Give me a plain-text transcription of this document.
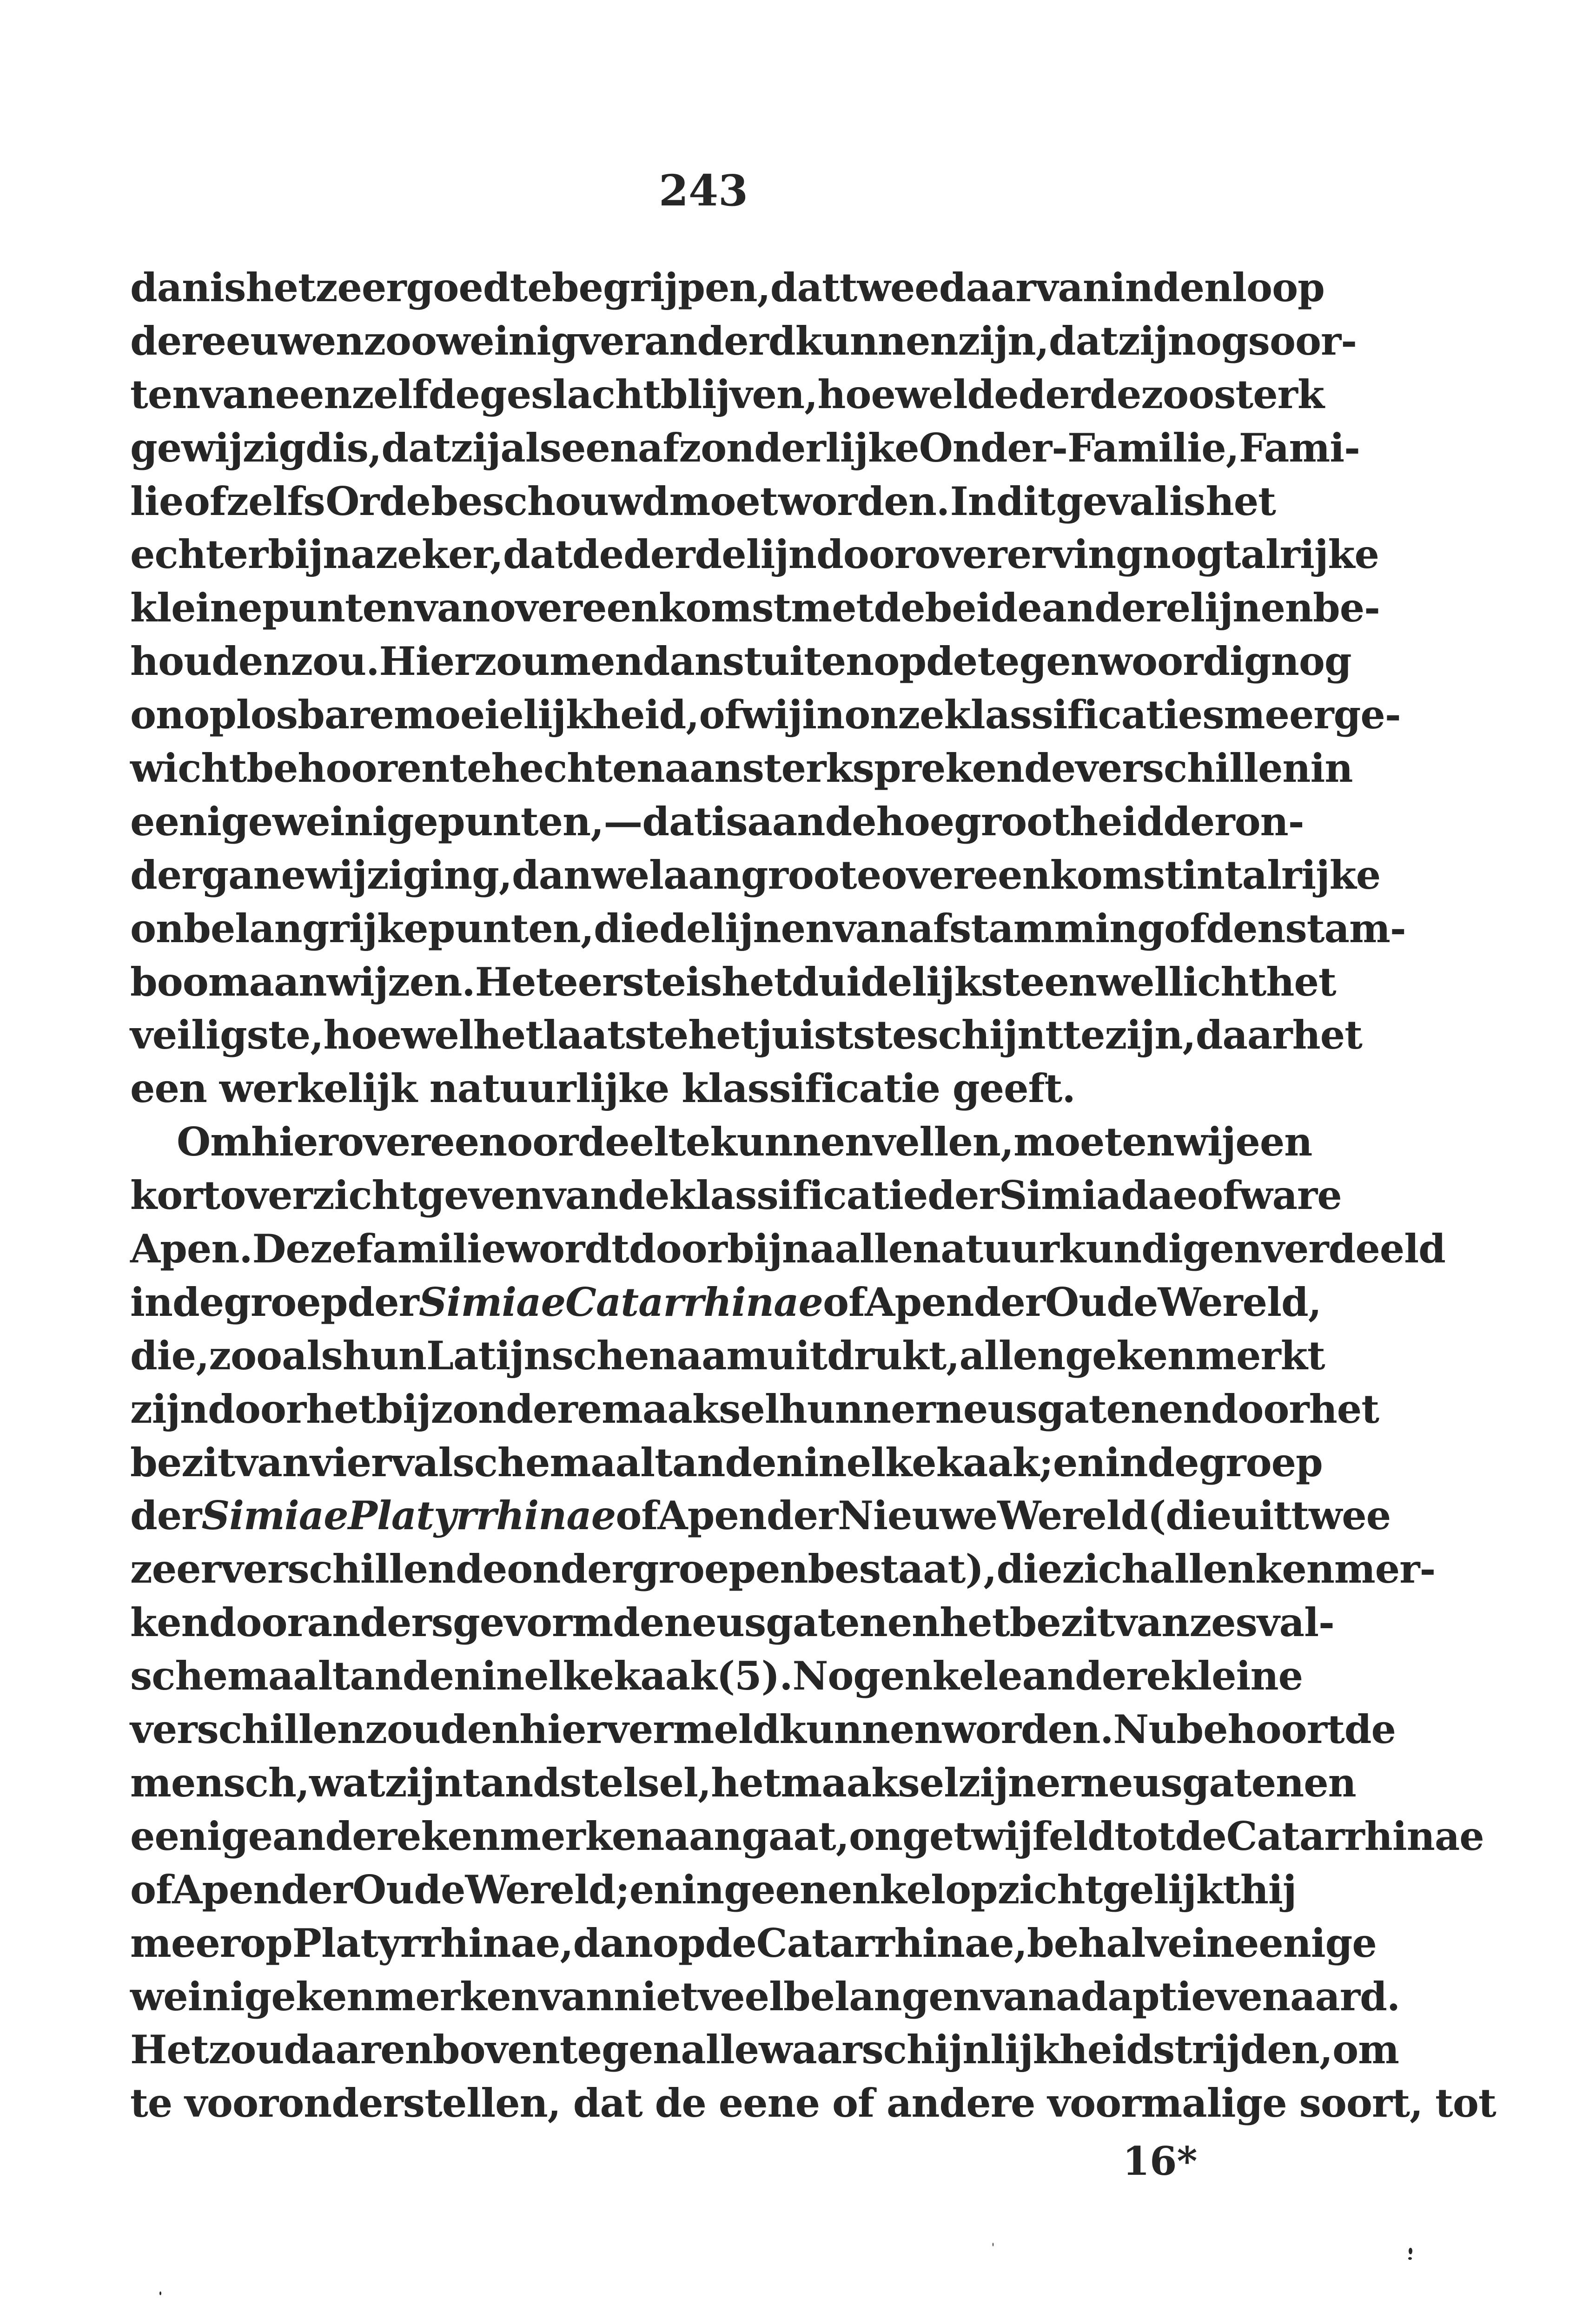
243
dan is het zeer goed te begrijpen, dat twee daarvan in den loop
der eeuwen zoo weinig veranderd kunnen zijn, dat zij nog soor-
ten van eenzelfde geslacht blijven, hoewel de derde zoo sterk
gewijzigd is, dat zij als een afzonderlijke Onder-Familie, Fami-
lie of zelfs Orde beschouwd moet worden. In dit geval is het
echter bijna zeker, dat de derde lijn door overerving nog talrijke
kleine punten van overeenkomst met de beide andere lijnen be-
houden zou. Hier zou men dan stuiten op de tegenwoordig nog
onoplosbare moeielijkheid, of wij in onze klassificaties meer ge-
wicht behooren te hechten aan sterk sprekende verschillen in
eenige weinige punten, — dat is aan de hoegrootheid der on-
dergane wijziging, dan wel aan groote overeenkomst in talrijke
onbelangrijke punten, die de lijnen van afstamming of den stam-
boom aanwijzen. Het eerste is het duidelijkste en wellicht het
veiligste, hoewel het laatste het juistste schijnt te zijn, daar het
een werkelijk natuurlijke klassificatie geeft.
Om hierover een oordeel te kunnen vellen, moeten wij een
kort overzicht geven van de klassificatie der Simiadae of ware
Apen. Deze familie wordt door bijna alle natuurkundigen verdeeld
in de groep der Simiae Catarrhinae of Apen der Oude Wereld,
die, zooals hun Latijnsche naam uitdrukt, allen gekenmerkt
zijn door het bijzondere maaksel hunner neusgaten en door het
bezit van vier valsche maaltanden in elke kaak; en in de groep
der Simiae Platyrrhinae of Apen der Nieuwe Wereld (die uit twee
zeer verschillende ondergroepen bestaat), die zich allen kenmer-
ken door anders gevormde neusgaten en het bezit van zes val-
sche maaltanden in elke kaak (5). Nog enkele andere kleine
verschillen zouden hier vermeld kunnen worden. Nu behoort de
mensch, wat zijn tandstelsel, het maaksel zijner neusgaten en
eenige andere kenmerken aangaat, ongetwijfeld tot de Catarrhinae
of Apen der Oude Wereld; en in geen enkel opzicht gelijkt hij
meer op Platyrrhinae, dan op de Catarrhinae, behalve in eenige
weinige kenmerken van niet veel belang en van adaptieven aard.
Het zou daarenboven tegen alle waarschijnlijkheid strijden, om
te vooronderstellen, dat de eene of andere voormalige soort, tot
16*
